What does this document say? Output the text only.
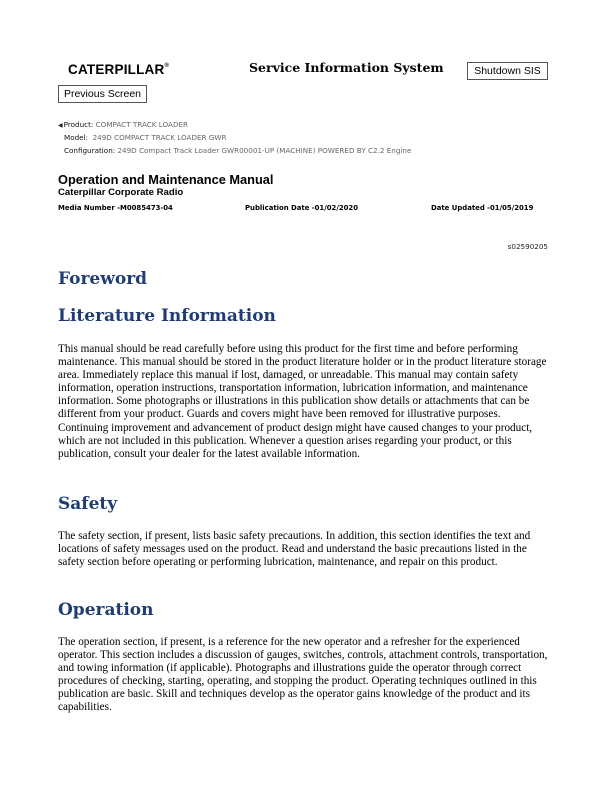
CATERPILLAR®	Service Information System	Shutdown SIS
Previous Screen
◀Product: COMPACT TRACK LOADER
Model: 249D COMPACT TRACK LOADER GWR
Configuration: 249D Compact Track Loader GWR00001-UP (MACHINE) POWERED BY C2.2 Engine
Operation and Maintenance Manual
Caterpillar Corporate Radio
Media Number -M0085473-04	Publication Date -01/02/2020	Date Updated -01/05/2019
s02590205
Foreword
Literature Information

This manual should be read carefully before using this product for the first time and before performing maintenance. This manual should be stored in the product literature holder or in the product literature storage area. Immediately replace this manual if lost, damaged, or unreadable. This manual may contain safety information, operation instructions, transportation information, lubrication information, and maintenance information. Some photographs or illustrations in this publication show details or attachments that can be different from your product. Guards and covers might have been removed for illustrative purposes. Continuing improvement and advancement of product design might have caused changes to your product, which are not included in this publication. Whenever a question arises regarding your product, or this publication, consult your dealer for the latest available information.

Safety

The safety section, if present, lists basic safety precautions. In addition, this section identifies the text and locations of safety messages used on the product. Read and understand the basic precautions listed in the safety section before operating or performing lubrication, maintenance, and repair on this product.

Operation

The operation section, if present, is a reference for the new operator and a refresher for the experienced operator. This section includes a discussion of gauges, switches, controls, attachment controls, transportation, and towing information (if applicable). Photographs and illustrations guide the operator through correct procedures of checking, starting, operating, and stopping the product. Operating techniques outlined in this publication are basic. Skill and techniques develop as the operator gains knowledge of the product and its capabilities.
